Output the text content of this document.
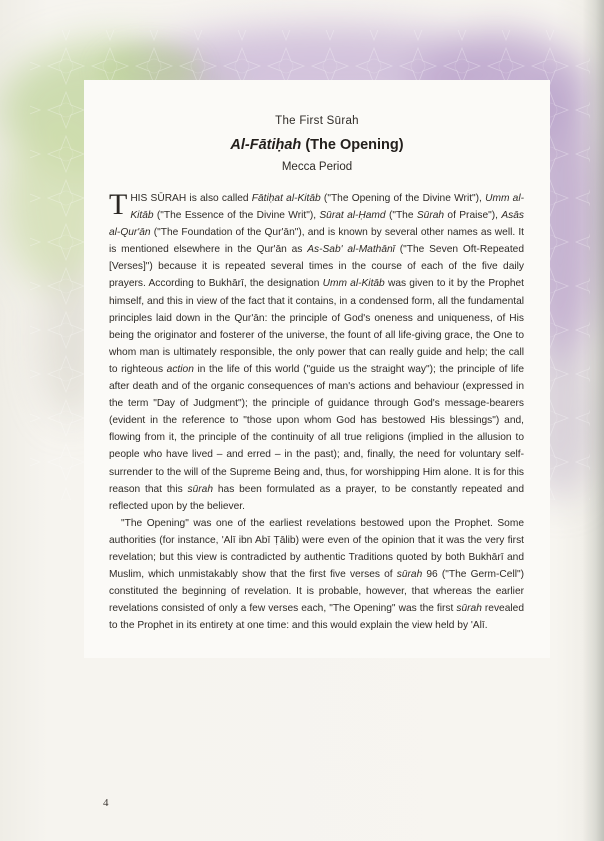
The First Sūrah

Al-Fātiḥah (The Opening)

Mecca Period

THIS SŪRAH is also called Fātiḥat al-Kitāb ("The Opening of the Divine Writ"), Umm al-Kitāb ("The Essence of the Divine Writ"), Sūrat al-Ḥamd ("The Sūrah of Praise"), Asās al-Qur'ān ("The Foundation of the Qur'ān"), and is known by several other names as well. It is mentioned elsewhere in the Qur'ān as As-Sab' al-Mathānī ("The Seven Oft-Repeated [Verses]") because it is repeated several times in the course of each of the five daily prayers. According to Bukhārī, the designation Umm al-Kitāb was given to it by the Prophet himself, and this in view of the fact that it contains, in a condensed form, all the fundamental principles laid down in the Qur'ān: the principle of God's oneness and uniqueness, of His being the originator and fosterer of the universe, the fount of all life-giving grace, the One to whom man is ultimately responsible, the only power that can really guide and help; the call to righteous action in the life of this world ("guide us the straight way"); the principle of life after death and of the organic consequences of man's actions and behaviour (expressed in the term "Day of Judgment"); the principle of guidance through God's message-bearers (evident in the reference to "those upon whom God has bestowed His blessings") and, flowing from it, the principle of the continuity of all true religions (implied in the allusion to people who have lived – and erred – in the past); and, finally, the need for voluntary self-surrender to the will of the Supreme Being and, thus, for worshipping Him alone. It is for this reason that this sūrah has been formulated as a prayer, to be constantly repeated and reflected upon by the believer.

"The Opening" was one of the earliest revelations bestowed upon the Prophet. Some authorities (for instance, 'Alī ibn Abī Ṭālib) were even of the opinion that it was the very first revelation; but this view is contradicted by authentic Traditions quoted by both Bukhārī and Muslim, which unmistakably show that the first five verses of sūrah 96 ("The Germ-Cell") constituted the beginning of revelation. It is probable, however, that whereas the earlier revelations consisted of only a few verses each, "The Opening" was the first sūrah revealed to the Prophet in its entirety at one time: and this would explain the view held by 'Alī.

4
